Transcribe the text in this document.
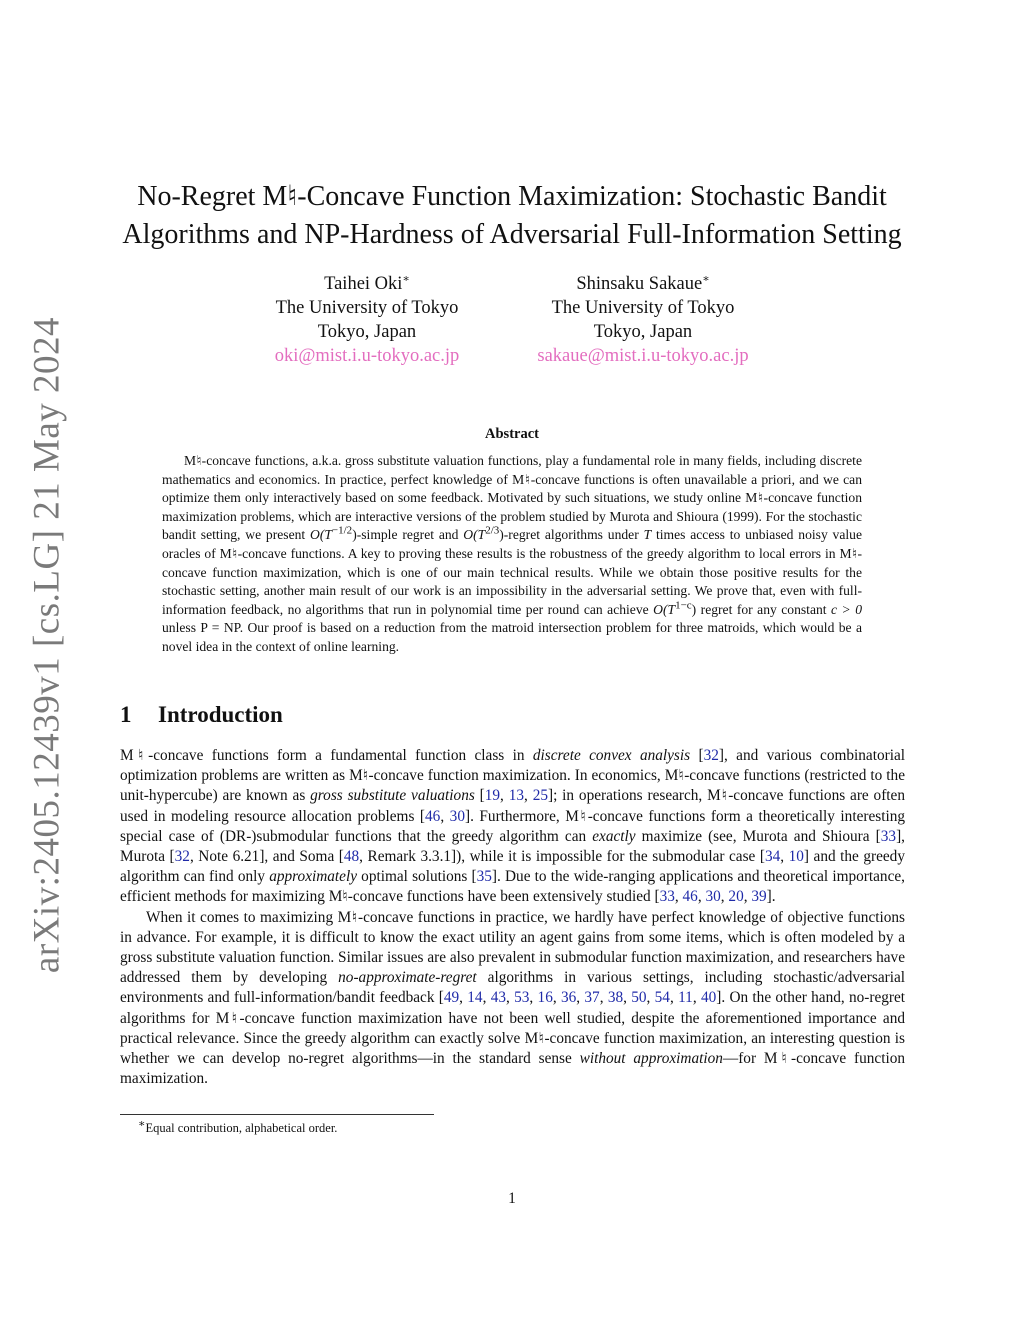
arXiv:2405.12439v1 [cs.LG] 21 May 2024
No-Regret M♮-Concave Function Maximization: Stochastic Bandit
Algorithms and NP-Hardness of Adversarial Full-Information Setting
Taihei Oki∗
The University of Tokyo
Tokyo, Japan
oki@mist.i.u-tokyo.ac.jp
Shinsaku Sakaue∗
The University of Tokyo
Tokyo, Japan
sakaue@mist.i.u-tokyo.ac.jp
Abstract
M♮-concave functions, a.k.a. gross substitute valuation functions, play a fundamental role in many fields, including discrete mathematics and economics. In practice, perfect knowledge of M♮-concave functions is often unavailable a priori, and we can optimize them only interactively based on some feedback. Motivated by such situations, we study online M♮-concave function maximization problems, which are interactive versions of the problem studied by Murota and Shioura (1999). For the stochastic bandit setting, we present $O(T^{-1/2})$-simple regret and $O(T^{2/3})$-regret algorithms under T times access to unbiased noisy value oracles of M♮-concave functions. A key to proving these results is the robustness of the greedy algorithm to local errors in M♮-concave function maximization, which is one of our main technical results. While we obtain those positive results for the stochastic setting, another main result of our work is an impossibility in the adversarial setting. We prove that, even with full-information feedback, no algorithms that run in polynomial time per round can achieve $O(T^{1-c})$ regret for any constant c > 0 unless P = NP. Our proof is based on a reduction from the matroid intersection problem for three matroids, which would be a novel idea in the context of online learning.
1 Introduction

M♮-concave functions form a fundamental function class in discrete convex analysis [32], and various combinatorial optimization problems are written as M♮-concave function maximization. In economics, M♮-concave functions (restricted to the unit-hypercube) are known as gross substitute valuations [19, 13, 25]; in operations research, M♮-concave functions are often used in modeling resource allocation problems [46, 30]. Furthermore, M♮-concave functions form a theoretically interesting special case of (DR-)submodular functions that the greedy algorithm can exactly maximize (see, Murota and Shioura [33], Murota [32, Note 6.21], and Soma [48, Remark 3.3.1]), while it is impossible for the submodular case [34, 10] and the greedy algorithm can find only approximately optimal solutions [35]. Due to the wide-ranging applications and theoretical importance, efficient methods for maximizing M♮-concave functions have been extensively studied [33, 46, 30, 20, 39].

When it comes to maximizing M♮-concave functions in practice, we hardly have perfect knowledge of objective functions in advance. For example, it is difficult to know the exact utility an agent gains from some items, which is often modeled by a gross substitute valuation function. Similar issues are also prevalent in submodular function maximization, and researchers have addressed them by developing no-approximate-regret algorithms in various settings, including stochastic/adversarial environments and full-information/bandit feedback [49, 14, 43, 53, 16, 36, 37, 38, 50, 54, 11, 40]. On the other hand, no-regret algorithms for M♮-concave function maximization have not been well studied, despite the aforementioned importance and practical relevance. Since the greedy algorithm can exactly solve M♮-concave function maximization, an interesting question is whether we can develop no-regret algorithms—in the standard sense without approximation—for M♮-concave function maximization.

∗Equal contribution, alphabetical order.
1
